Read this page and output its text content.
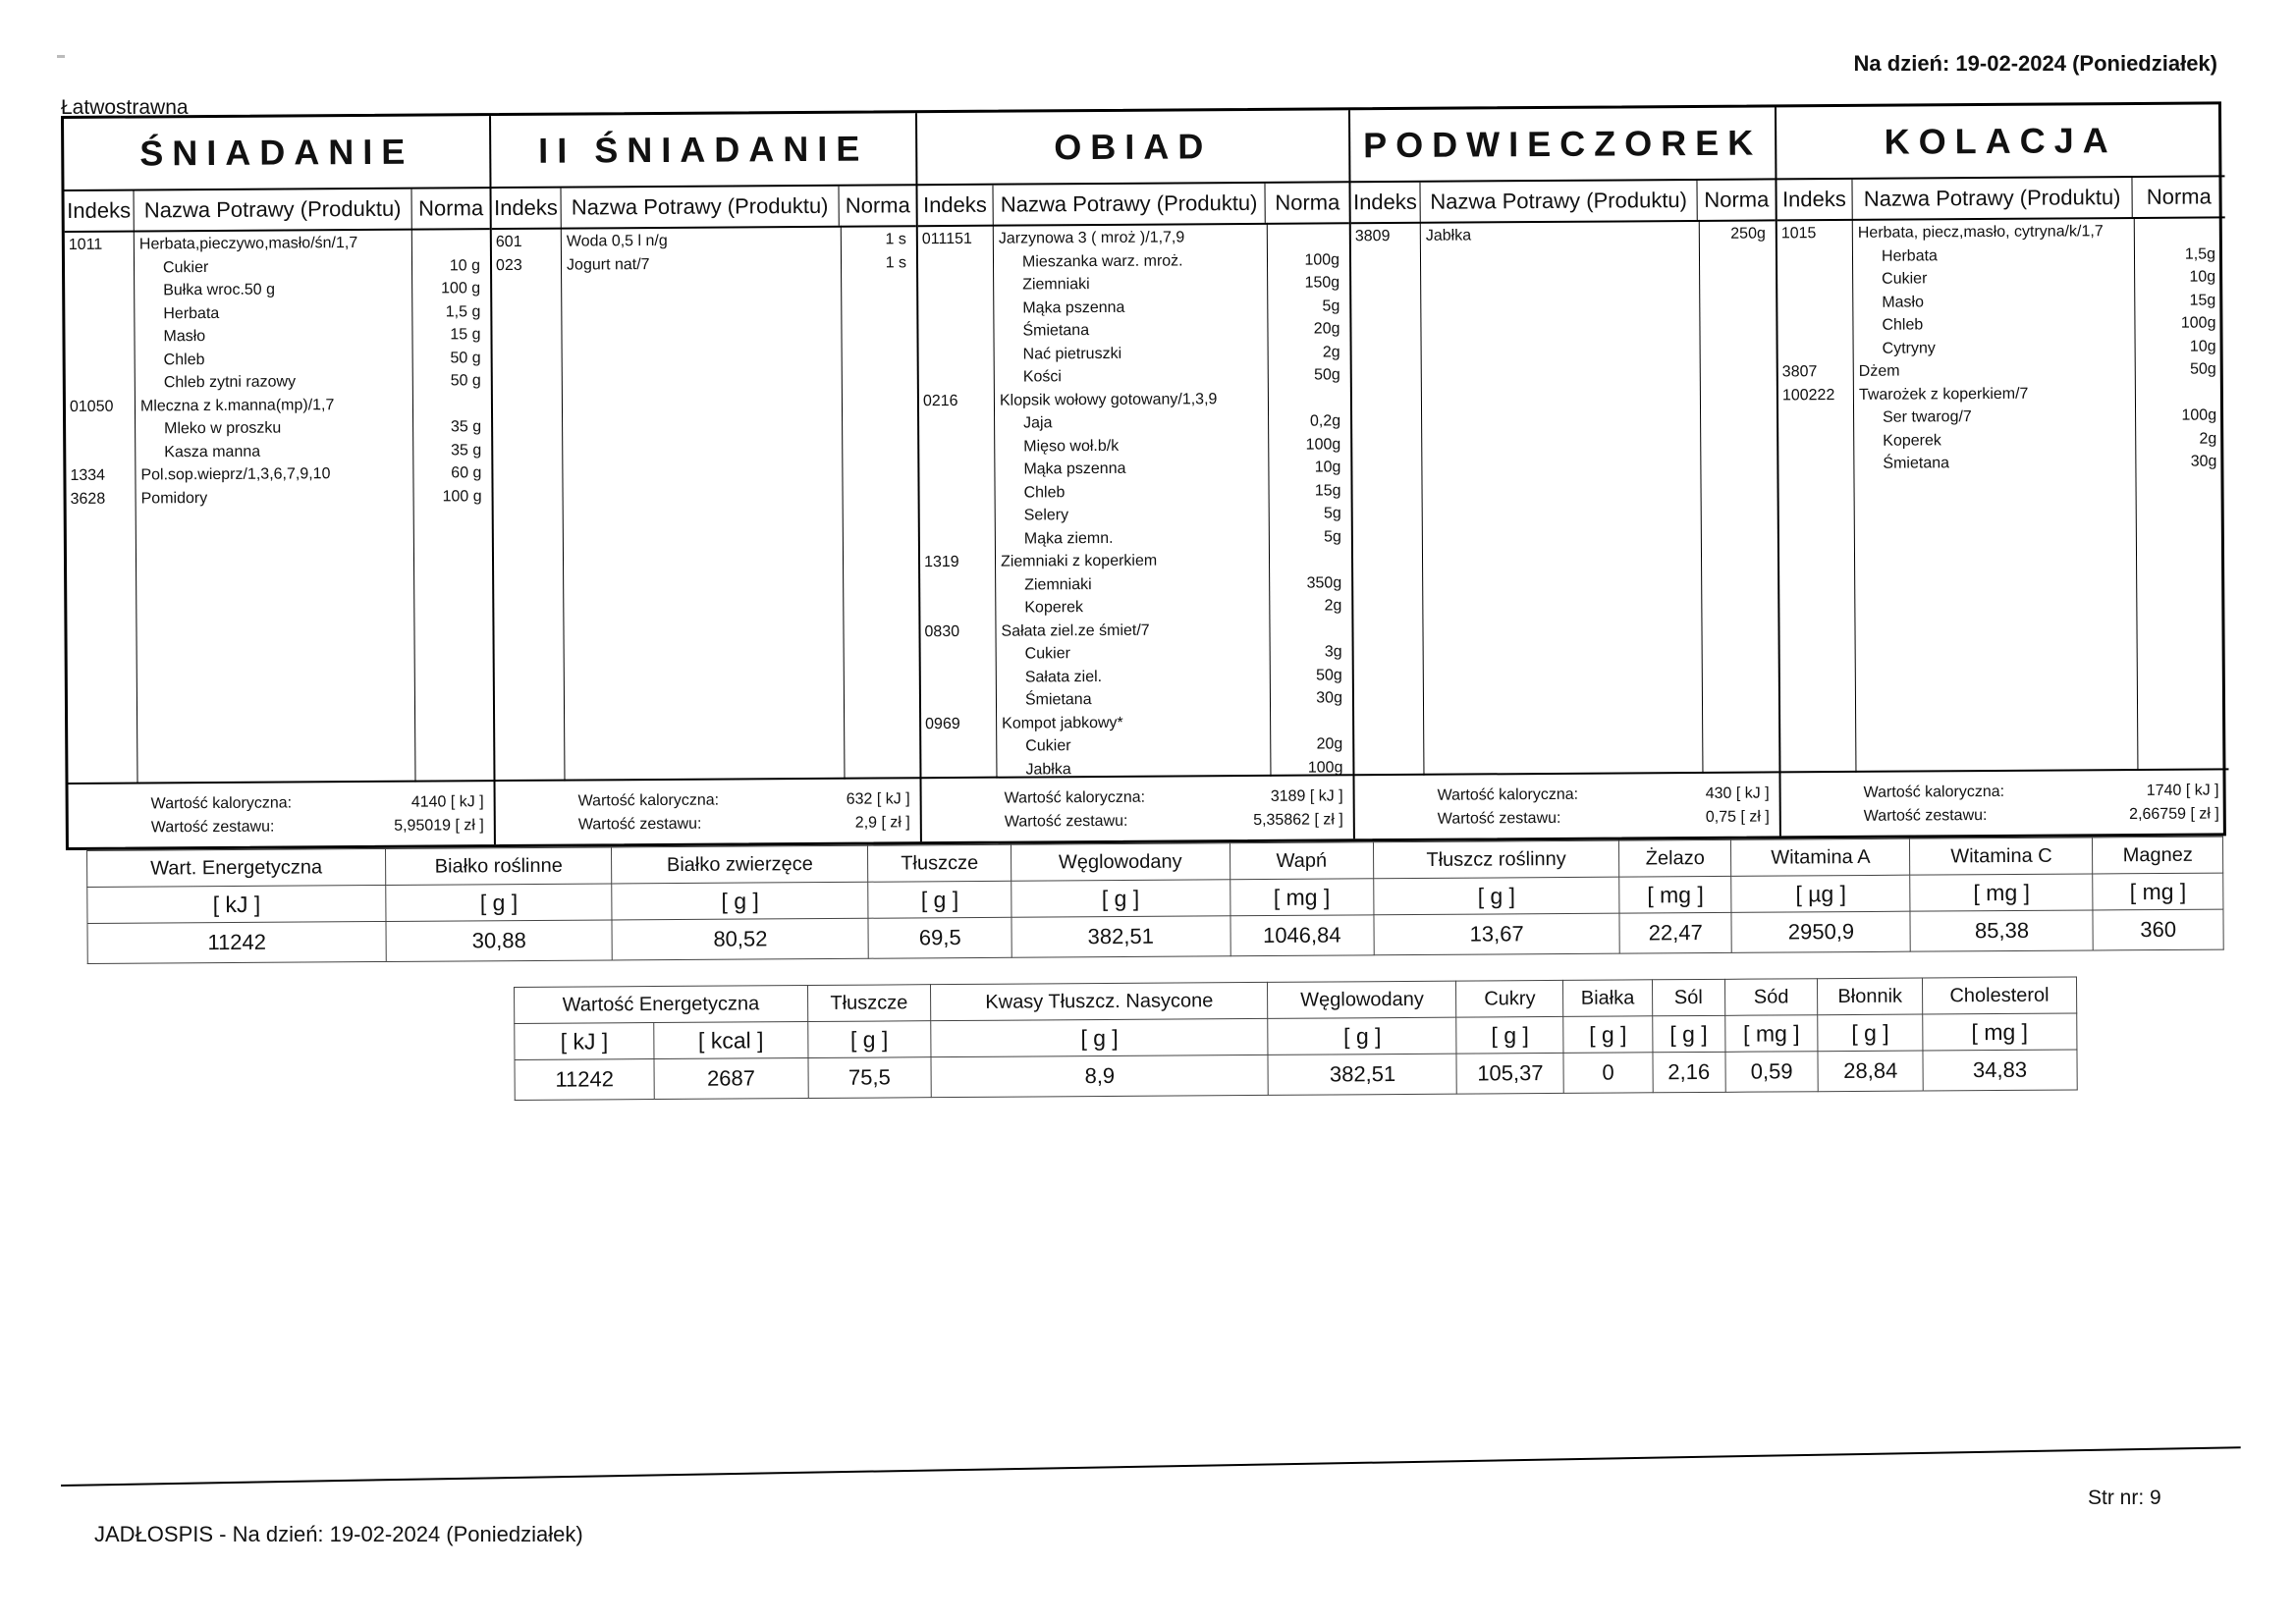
Na dzień: 19-02-2024 (Poniedziałek)
Łatwostrawna
ŚNIADANIE
Indeks Nazwa Potrawy (Produktu) Norma
1011 Herbata,pieczywo,masło/śn/1,7
Cukier	10 g
Bułka wroc.50 g	100 g
Herbata	1,5 g
Masło	15 g
Chleb	50 g
Chleb zytni razowy	50 g
01050 Mleczna z k.manna(mp)/1,7
Mleko w proszku	35 g
Kasza manna	35 g
1334 Pol.sop.wieprz/1,3,6,7,9,10	60 g
3628 Pomidory	100 g
Wartość kaloryczna:	4140 [ kJ ]
Wartość zestawu:	5,95019 [ zł ]
II ŚNIADANIE
Indeks Nazwa Potrawy (Produktu) Norma
601	Woda 0,5 l n/g	1 s
023	Jogurt nat/7	1 s
Wartość kaloryczna:	632 [ kJ ]
Wartość zestawu:	2,9 [ zł ]
OBIAD
Indeks Nazwa Potrawy (Produktu) Norma
011151 Jarzynowa 3 ( mroż )/1,7,9
Mieszanka warz. mroż.	100g
Ziemniaki	150g
Mąka pszenna	5g
Śmietana	20g
Nać pietruszki	2g
Kości	50g
0216	Klopsik wołowy gotowany/1,3,9
Jaja	0,2g
Mięso woł.b/k	100g
Mąka pszenna	10g
Chleb	15g
Selery	5g
Mąka ziemn.	5g
1319	Ziemniaki z koperkiem
Ziemniaki	350g
Koperek	2g
0830	Sałata ziel.ze śmiet/7
Cukier	3g
Sałata ziel.	50g
Śmietana	30g
0969	Kompot jabkowy*
Cukier	20g
Jabłka	100g
Wartość kaloryczna:	3189 [ kJ ]
Wartość zestawu:	5,35862 [ zł ]
PODWIECZOREK
Indeks Nazwa Potrawy (Produktu) Norma
3809 Jabłka	250g
Wartość kaloryczna:	430 [ kJ ]
Wartość zestawu:	0,75 [ zł ]
KOLACJA
Indeks Nazwa Potrawy (Produktu)	Norma
1015	Herbata, piecz,masło, cytryna/k/1,7
Herbata	1,5g
Cukier	10g
Masło	15g
Chleb	100g
Cytryny	10g
3807	Dżem	50g
100222 Twarożek z koperkiem/7
Ser twarog/7	100g
Koperek	2g
Śmietana	30g
Wartość kaloryczna:	1740 [ kJ ]
Wartość zestawu:	2,66759 [ zł ]
Wart. Energetyczna	Białko roślinne	Białko zwierzęce	Tłuszcze	Węglowodany	Wapń	Tłuszcz roślinny	Żelazo	Witamina A	Witamina C	Magnez
[ kJ ]	[ g ]	[ g ]	[ g ]	[ g ]	[ mg ]	[ g ]	[ mg ]	[ µg ]	[ mg ]	[ mg ]
11242	30,88	80,52	69,5	382,51	1046,84	13,67	22,47	2950,9	85,38	360
Wartość Energetyczna		Tłuszcze	Kwasy Tłuszcz. Nasycone	Węglowodany	Cukry	Białka	Sól	Sód	Błonnik	Cholesterol
[ kJ ]	[ kcal ]	[ g ]	[ g ]	[ g ]	[ g ]	[ g ]	[ g ]	[ mg ]	[ g ]	[ mg ]
11242	2687	75,5	8,9	382,51	105,37	0	2,16	0,59	28,84	34,83
JADŁOSPIS - Na dzień: 19-02-2024 (Poniedziałek)
Str nr: 9
